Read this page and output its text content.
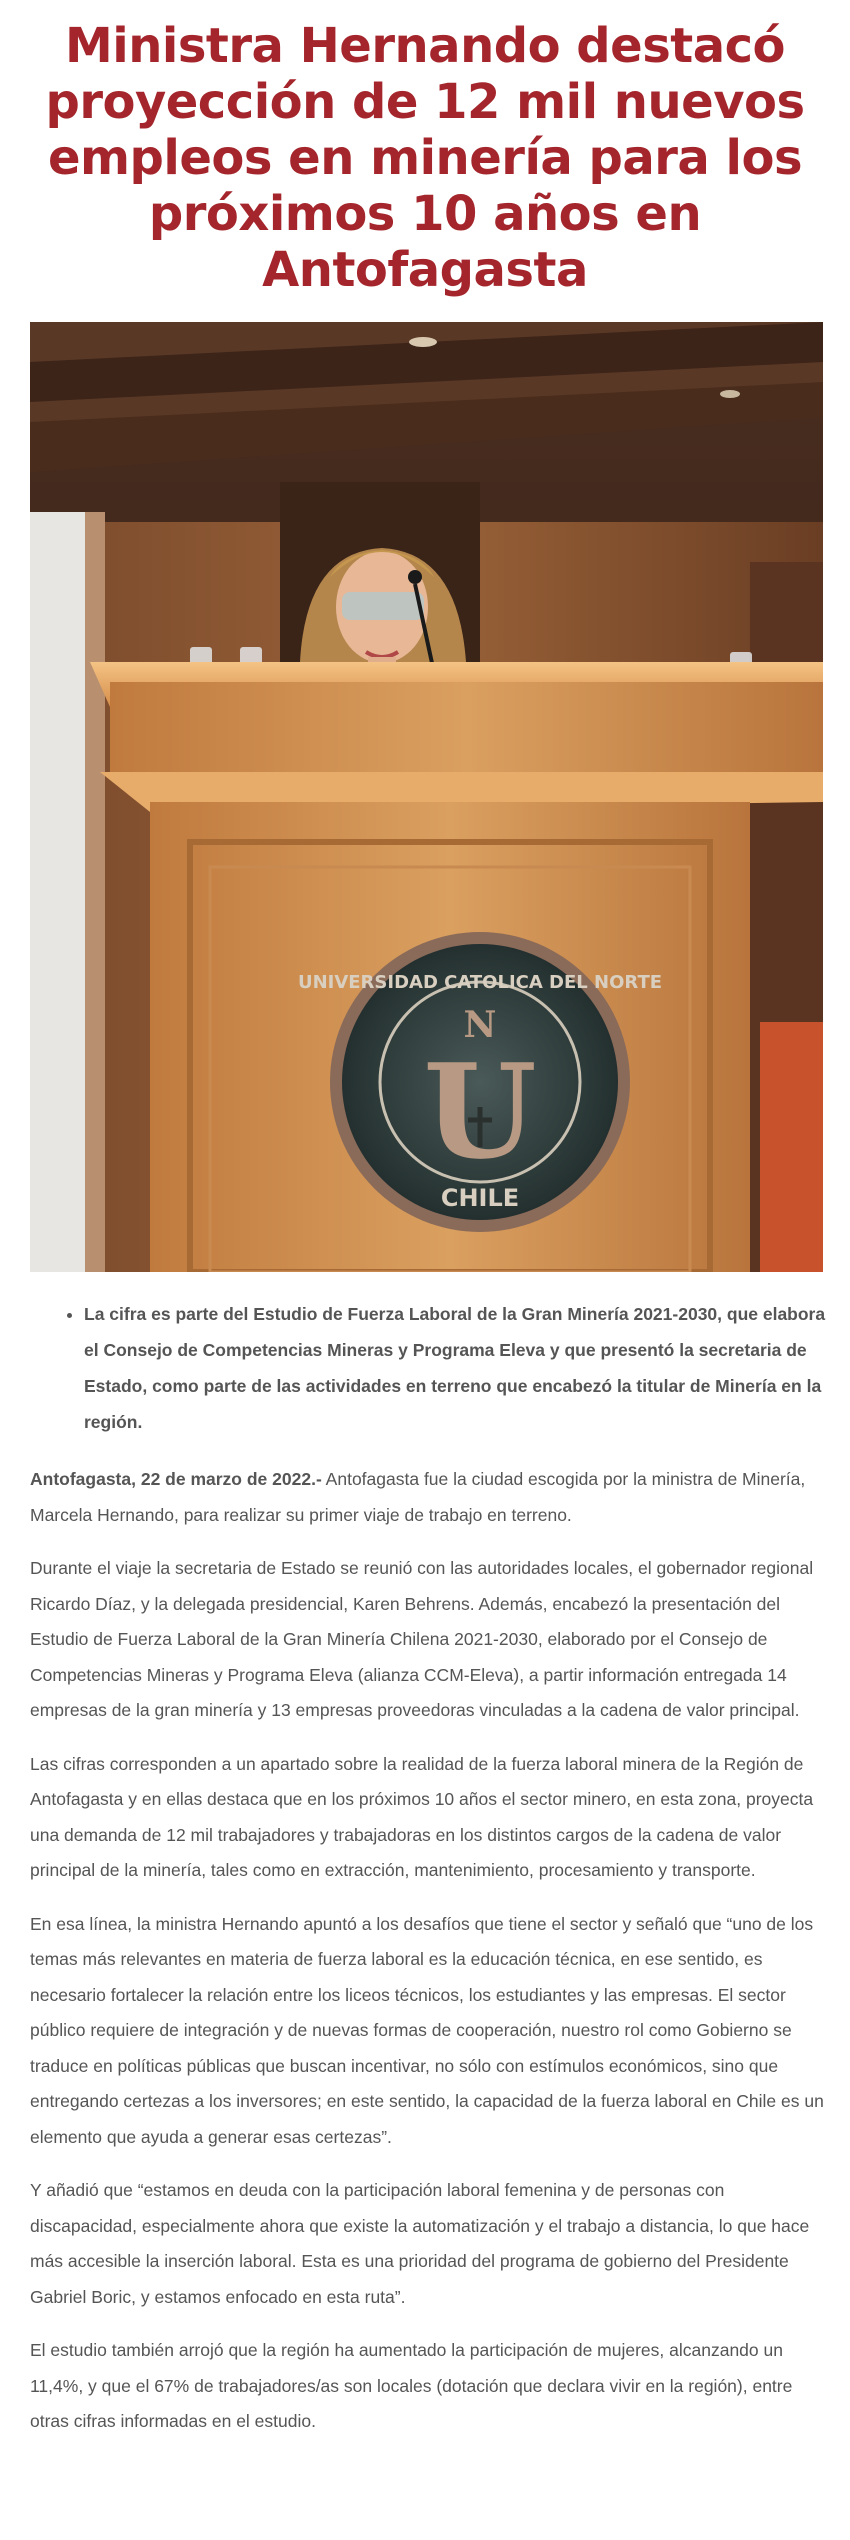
Ministra Hernando destacó proyección de 12 mil nuevos empleos en minería para los próximos 10 años en Antofagasta
UNIVERSIDAD CATOLICA DEL NORTE
CHILE
N
U
• La cifra es parte del Estudio de Fuerza Laboral de la Gran Minería 2021-2030, que elabora el Consejo de Competencias Mineras y Programa Eleva y que presentó la secretaria de Estado, como parte de las actividades en terreno que encabezó la titular de Minería en la región.

Antofagasta, 22 de marzo de 2022.- Antofagasta fue la ciudad escogida por la ministra de Minería, Marcela Hernando, para realizar su primer viaje de trabajo en terreno.

Durante el viaje la secretaria de Estado se reunió con las autoridades locales, el gobernador regional Ricardo Díaz, y la delegada presidencial, Karen Behrens. Además, encabezó la presentación del Estudio de Fuerza Laboral de la Gran Minería Chilena 2021-2030, elaborado por el Consejo de Competencias Mineras y Programa Eleva (alianza CCM-Eleva), a partir información entregada 14 empresas de la gran minería y 13 empresas proveedoras vinculadas a la cadena de valor principal.

Las cifras corresponden a un apartado sobre la realidad de la fuerza laboral minera de la Región de Antofagasta y en ellas destaca que en los próximos 10 años el sector minero, en esta zona, proyecta una demanda de 12 mil trabajadores y trabajadoras en los distintos cargos de la cadena de valor principal de la minería, tales como en extracción, mantenimiento, procesamiento y transporte.

En esa línea, la ministra Hernando apuntó a los desafíos que tiene el sector y señaló que “uno de los temas más relevantes en materia de fuerza laboral es la educación técnica, en ese sentido, es necesario fortalecer la relación entre los liceos técnicos, los estudiantes y las empresas. El sector público requiere de integración y de nuevas formas de cooperación, nuestro rol como Gobierno se traduce en políticas públicas que buscan incentivar, no sólo con estímulos económicos, sino que entregando certezas a los inversores; en este sentido, la capacidad de la fuerza laboral en Chile es un elemento que ayuda a generar esas certezas”.

Y añadió que “estamos en deuda con la participación laboral femenina y de personas con discapacidad, especialmente ahora que existe la automatización y el trabajo a distancia, lo que hace más accesible la inserción laboral. Esta es una prioridad del programa de gobierno del Presidente Gabriel Boric, y estamos enfocado en esta ruta”.

El estudio también arrojó que la región ha aumentado la participación de mujeres, alcanzando un 11,4%, y que el 67% de trabajadores/as son locales (dotación que declara vivir en la región), entre otras cifras informadas en el estudio.
